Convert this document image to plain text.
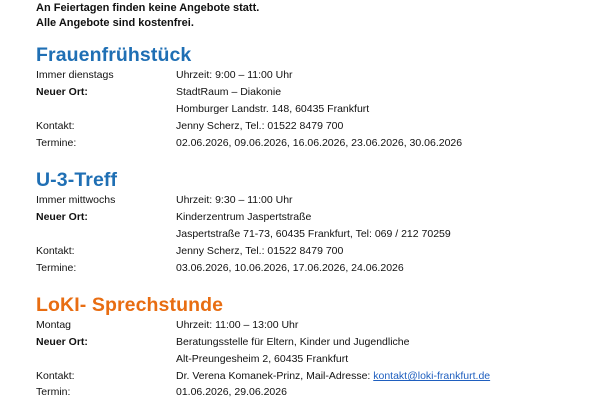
An Feiertagen finden keine Angebote statt.
Alle Angebote sind kostenfrei.
Frauenfrühstück
Immer dienstags	Uhrzeit: 9:00 – 11:00 Uhr
Neuer Ort:	StadtRaum – Diakonie
Homburger Landstr. 148, 60435 Frankfurt
Kontakt:	Jenny Scherz, Tel.: 01522 8479 700
Termine:	02.06.2026, 09.06.2026, 16.06.2026, 23.06.2026, 30.06.2026
U-3-Treff
Immer mittwochs	Uhrzeit: 9:30 – 11:00 Uhr
Neuer Ort:	Kinderzentrum Jaspertstraße
Jaspertstraße 71-73, 60435 Frankfurt, Tel: 069 / 212 70259
Kontakt:	Jenny Scherz, Tel.: 01522 8479 700
Termine:	03.06.2026, 10.06.2026, 17.06.2026, 24.06.2026
LoKI- Sprechstunde
Montag	Uhrzeit: 11:00 – 13:00 Uhr
Neuer Ort:	Beratungsstelle für Eltern, Kinder und Jugendliche
Alt-Preungesheim 2, 60435 Frankfurt
Kontakt:	Dr. Verena Komanek-Prinz, Mail-Adresse: kontakt@loki-frankfurt.de
Termin:	01.06.2026, 29.06.2026
